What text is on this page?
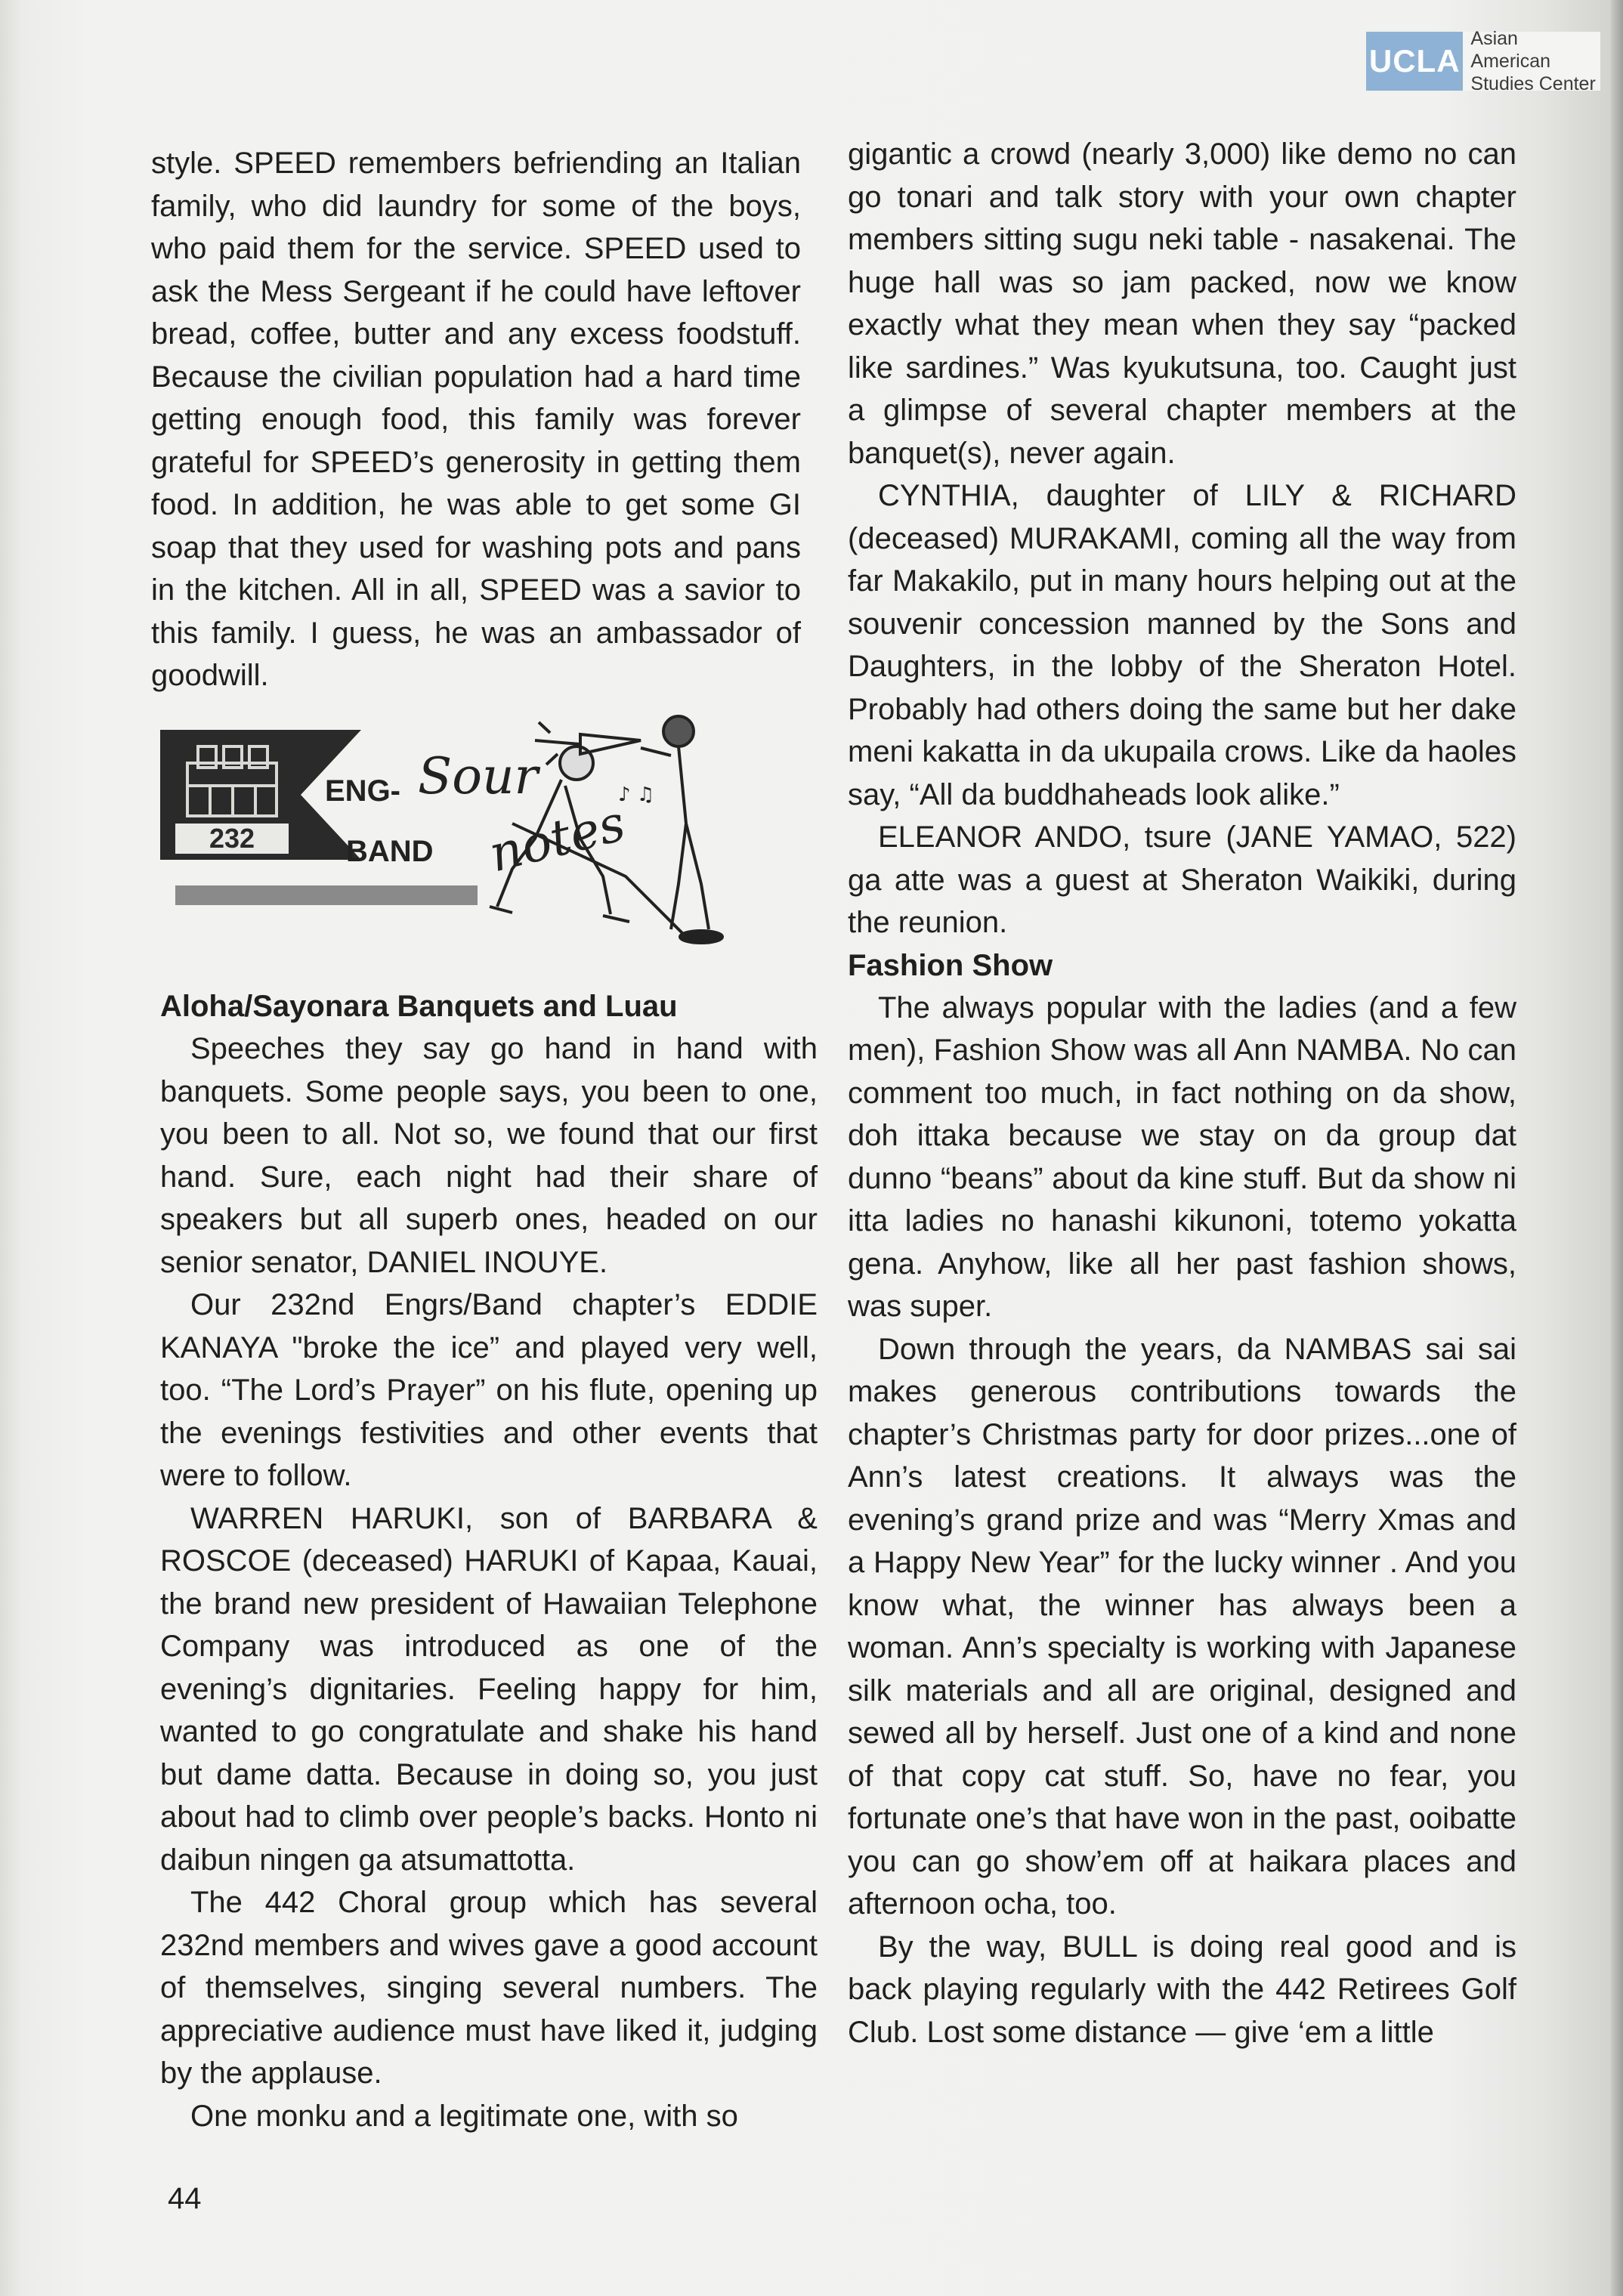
UCLA
Asian American
Studies Center

style. SPEED remembers befriending an Italian family, who did laundry for some of the boys, who paid them for the service. SPEED used to ask the Mess Sergeant if he could have leftover bread, coffee, butter and any excess foodstuff. Because the civilian population had a hard time getting enough food, this family was forever grateful for SPEED’s generosity in getting them food. In addition, he was able to get some GI soap that they used for washing pots and pans in the kitchen. All in all, SPEED was a savior to this family. I guess, he was an ambassador of goodwill.

232
ENG-
BAND
Sour
notes
♪ ♫
Aloha/Sayonara Banquets and Luau

Speeches they say go hand in hand with banquets. Some people says, you been to one, you been to all. Not so, we found that our first hand. Sure, each night had their share of speakers but all superb ones, headed on our senior senator, DANIEL INOUYE.

Our 232nd Engrs/Band chapter’s EDDIE KANAYA "broke the ice” and played very well, too. “The Lord’s Prayer” on his flute, opening up the evenings festivities and other events that were to follow.

WARREN HARUKI, son of BARBARA & ROSCOE (deceased) HARUKI of Kapaa, Kauai, the brand new president of Hawaiian Telephone Company was introduced as one of the evening’s dignitaries. Feeling happy for him, wanted to go congratulate and shake his hand but dame datta. Because in doing so, you just about had to climb over people’s backs. Honto ni daibun ningen ga atsumattotta.

The 442 Choral group which has several 232nd members and wives gave a good account of themselves, singing several numbers. The appreciative audience must have liked it, judging by the applause.

One monku and a legitimate one, with so

gigantic a crowd (nearly 3,000) like demo no can go tonari and talk story with your own chapter members sitting sugu neki table - nasakenai. The huge hall was so jam packed, now we know exactly what they mean when they say “packed like sardines.” Was kyukutsuna, too. Caught just a glimpse of several chapter members at the banquet(s), never again.

CYNTHIA, daughter of LILY & RICHARD (deceased) MURAKAMI, coming all the way from far Makakilo, put in many hours helping out at the souvenir concession manned by the Sons and Daughters, in the lobby of the Sheraton Hotel. Probably had others doing the same but her dake meni kakatta in da ukupaila crows. Like da haoles say, “All da buddhaheads look alike.”

ELEANOR ANDO, tsure (JANE YAMAO, 522) ga atte was a guest at Sheraton Waikiki, during the reunion.

Fashion Show

The always popular with the ladies (and a few men), Fashion Show was all Ann NAMBA. No can comment too much, in fact nothing on da show, doh ittaka because we stay on da group dat dunno “beans” about da kine stuff. But da show ni itta ladies no hanashi kikunoni, totemo yokatta gena. Anyhow, like all her past fashion shows, was super.

Down through the years, da NAMBAS sai sai makes generous contributions towards the chapter’s Christmas party for door prizes...one of Ann’s latest creations. It always was the evening’s grand prize and was “Merry Xmas and a Happy New Year” for the lucky winner . And you know what, the winner has always been a woman. Ann’s specialty is working with Japanese silk materials and all are original, designed and sewed all by herself. Just one of a kind and none of that copy cat stuff. So, have no fear, you fortunate one’s that have won in the past, ooibatte you can go show’em off at haikara places and afternoon ocha, too.

By the way, BULL is doing real good and is back playing regularly with the 442 Retirees Golf Club. Lost some distance — give ‘em a little

44
